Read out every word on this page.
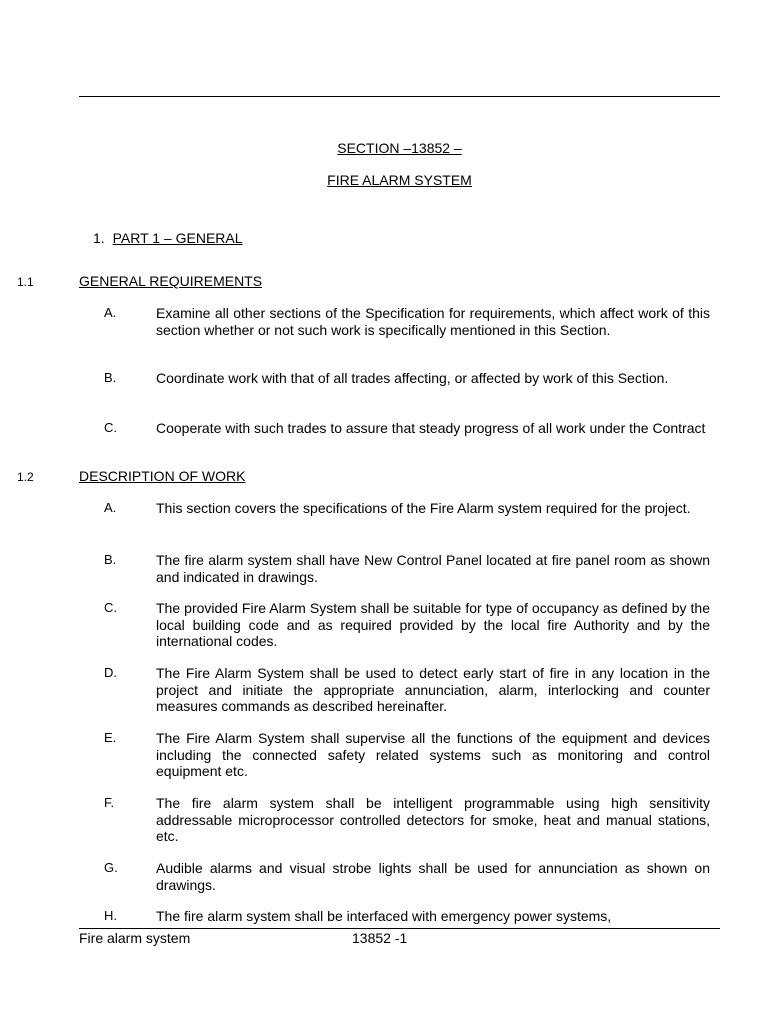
SECTION –13852 –
FIRE ALARM SYSTEM
1. PART 1 – GENERAL
1.1	GENERAL REQUIREMENTS
A.	Examine all other sections of the Specification for requirements, which affect work of this section whether or not such work is specifically mentioned in this Section.
B.	Coordinate work with that of all trades affecting, or affected by work of this Section.
C.	Cooperate with such trades to assure that steady progress of all work under the Contract
1.2	DESCRIPTION OF WORK
A.	This section covers the specifications of the Fire Alarm system required for the project.
B.	The fire alarm system shall have New Control Panel located at fire panel room as shown and indicated in drawings.
C.	The provided Fire Alarm System shall be suitable for type of occupancy as defined by the local building code and as required provided by the local fire Authority and by the international codes.
D.	The Fire Alarm System shall be used to detect early start of fire in any location in the project and initiate the appropriate annunciation, alarm, interlocking and counter measures commands as described hereinafter.
E.	The Fire Alarm System shall supervise all the functions of the equipment and devices including the connected safety related systems such as monitoring and control equipment etc.
F.	The fire alarm system shall be intelligent programmable using high sensitivity addressable microprocessor controlled detectors for smoke, heat and manual stations, etc.
G.	Audible alarms and visual strobe lights shall be used for annunciation as shown on drawings.
H.	The fire alarm system shall be interfaced with emergency power systems,
Fire alarm system	13852 -1
